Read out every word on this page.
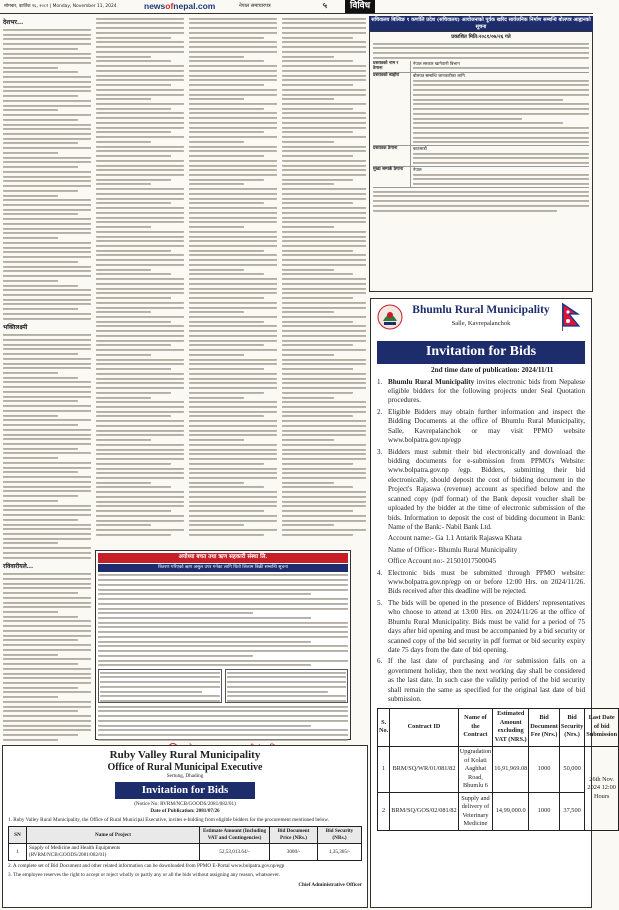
सोमबार, कार्तिक २६, २०८१ | Monday, November 11, 2024	newsofnepal.com	नेपाल समाचारपत्र	५	विविध
देशभर...
भक्तिलक्ष्मी
रविवारीयले...
सचिवालय बिल्डिङ १ कर्णालि प्रदेश (सचिवालय) आयोजनाको पूर्वक खरिद सार्वजनिक निर्माण सम्बन्धि बोलपत्र आह्वानको सूचना
प्रकाशित मिति:२०८१/०७/२६ गते
प्रस्तावको नाम र ठेगाना
नेपाल सरकार खानेपानी बिभाग
प्रस्तावको ब्यहोरा	बोलपत्र सम्बन्धि जानकारीका लागि
प्रस्तावक ठेगाना	काठमाडौं
मुख्य सम्पर्क ठेगाना	नेपाल
अयोध्या बचत तथा ऋण सहकारी संस्था लि.
बितरण गरिएको ऋण असुल उपर गर्नका लागि धितो लिलाम बिक्री सम्बन्धि सूचना
Ruby Valley Rural Municipality
Office of Rural Municipal Executive
Sertung, Dhading
Invitation for Bids
(Notice No: RVRM/NCB/GOODS/2081/082/01)
Date of Publication: 2081/07/26
1. Ruby Valley Rural Municipality, the Office of Rural Municipal Executive, invites e-bidding from eligible bidders for the procurement mentioned below.
SN	Name of Project	Estimate Amount (Including VAT and Contingencies)	Bid Document Price (NRs.)	Bid Security (NRs.)
1	Supply of Medicine and Health Equipments (RVRM/NCB/GOODS/2081/082/01)	52,53,013.64/-	3000/-	1,35,365/-
2. A complete set of Bid Document and other related information can be downloaded from PPMO E-Portal www.bolpatra.gov.np/egp
3. The employee reserves the right to accept or reject wholly or partly any or all the bids without assigning any reason, whatsoever.
Chief Administrative Officer
Bhumlu Rural Municipality
Salle, Kavrepalanchok
Invitation for Bids
2nd time date of publication: 2024/11/11
1. Bhumlu Rural Municipality invites electronic bids from Nepalese eligible bidders for the following projects under Seal Quotation procedures.
2. Eligible Bidders may obtain further information and inspect the Bidding Documents at the office of Bhumlu Rural Municipality, Salle, Kavrepalanchok or may visit PPMO website www.bolpatra.gov.np/egp
3. Bidders must submit their bid electronically and download the bidding documents for e-submission from PPMO's Website: www.bolpatra.gov.np /egp. Bidders, submitting their bid electronically, should deposit the cost of bidding document in the Project's Rajaswa (revenue) account as specified below and the scanned copy (pdf format) of the Bank deposit voucher shall be uploaded by the bidder at the time of electronic submission of the bids. Information to deposit the cost of bidding document in Bank: Name of the Bank:- Nabil Bank Ltd.
Account name:- Ga 1.1 Antarik Rajaswa Khata
Name of Office:- Bhumlu Rural Municipality
Office Account no:- 21501017500045
4. Electronic bids must be submitted through PPMO website: www.bolpatra.gov.np/egp on or before 12:00 Hrs. on 2024/11/26. Bids received after this deadline will be rejected.
5. The bids will be opened in the presence of Bidders' representatives who choose to attend at 13:00 Hrs. on 2024/11/26 at the office of Bhumlu Rural Municipality. Bids must be valid for a period of 75 days after bid opening and must be accompanied by a bid security or scanned copy of the bid security in pdf format or bid security expiry date 75 days from the date of bid opening.
6. If the last date of purchasing and /or submission falls on a government holiday, then the next working day shall be considered as the last date. In such case the validity period of the bid security shall remain the same as specified for the original last date of bid submission.
S. No.	Contract ID	Name of the Contract	Estimated Amount excluding VAT (NRS.)	Bid Document Fee (Nrs.)	Bid Security (Nrs.)	Last Date of bid Submission
1	BRM/SQ/WR/01/081/82	Upgradation of Kolati Aaghhat Road, Bhumlu 6	16,91,969.08	1000	50,000	26th Nov. 2024 12:00 Hours
2	BRM/SQ/GOS/02/081/82	Supply and delivery of Veterinary Medicine	14,99,000.0	1000	37,500	
